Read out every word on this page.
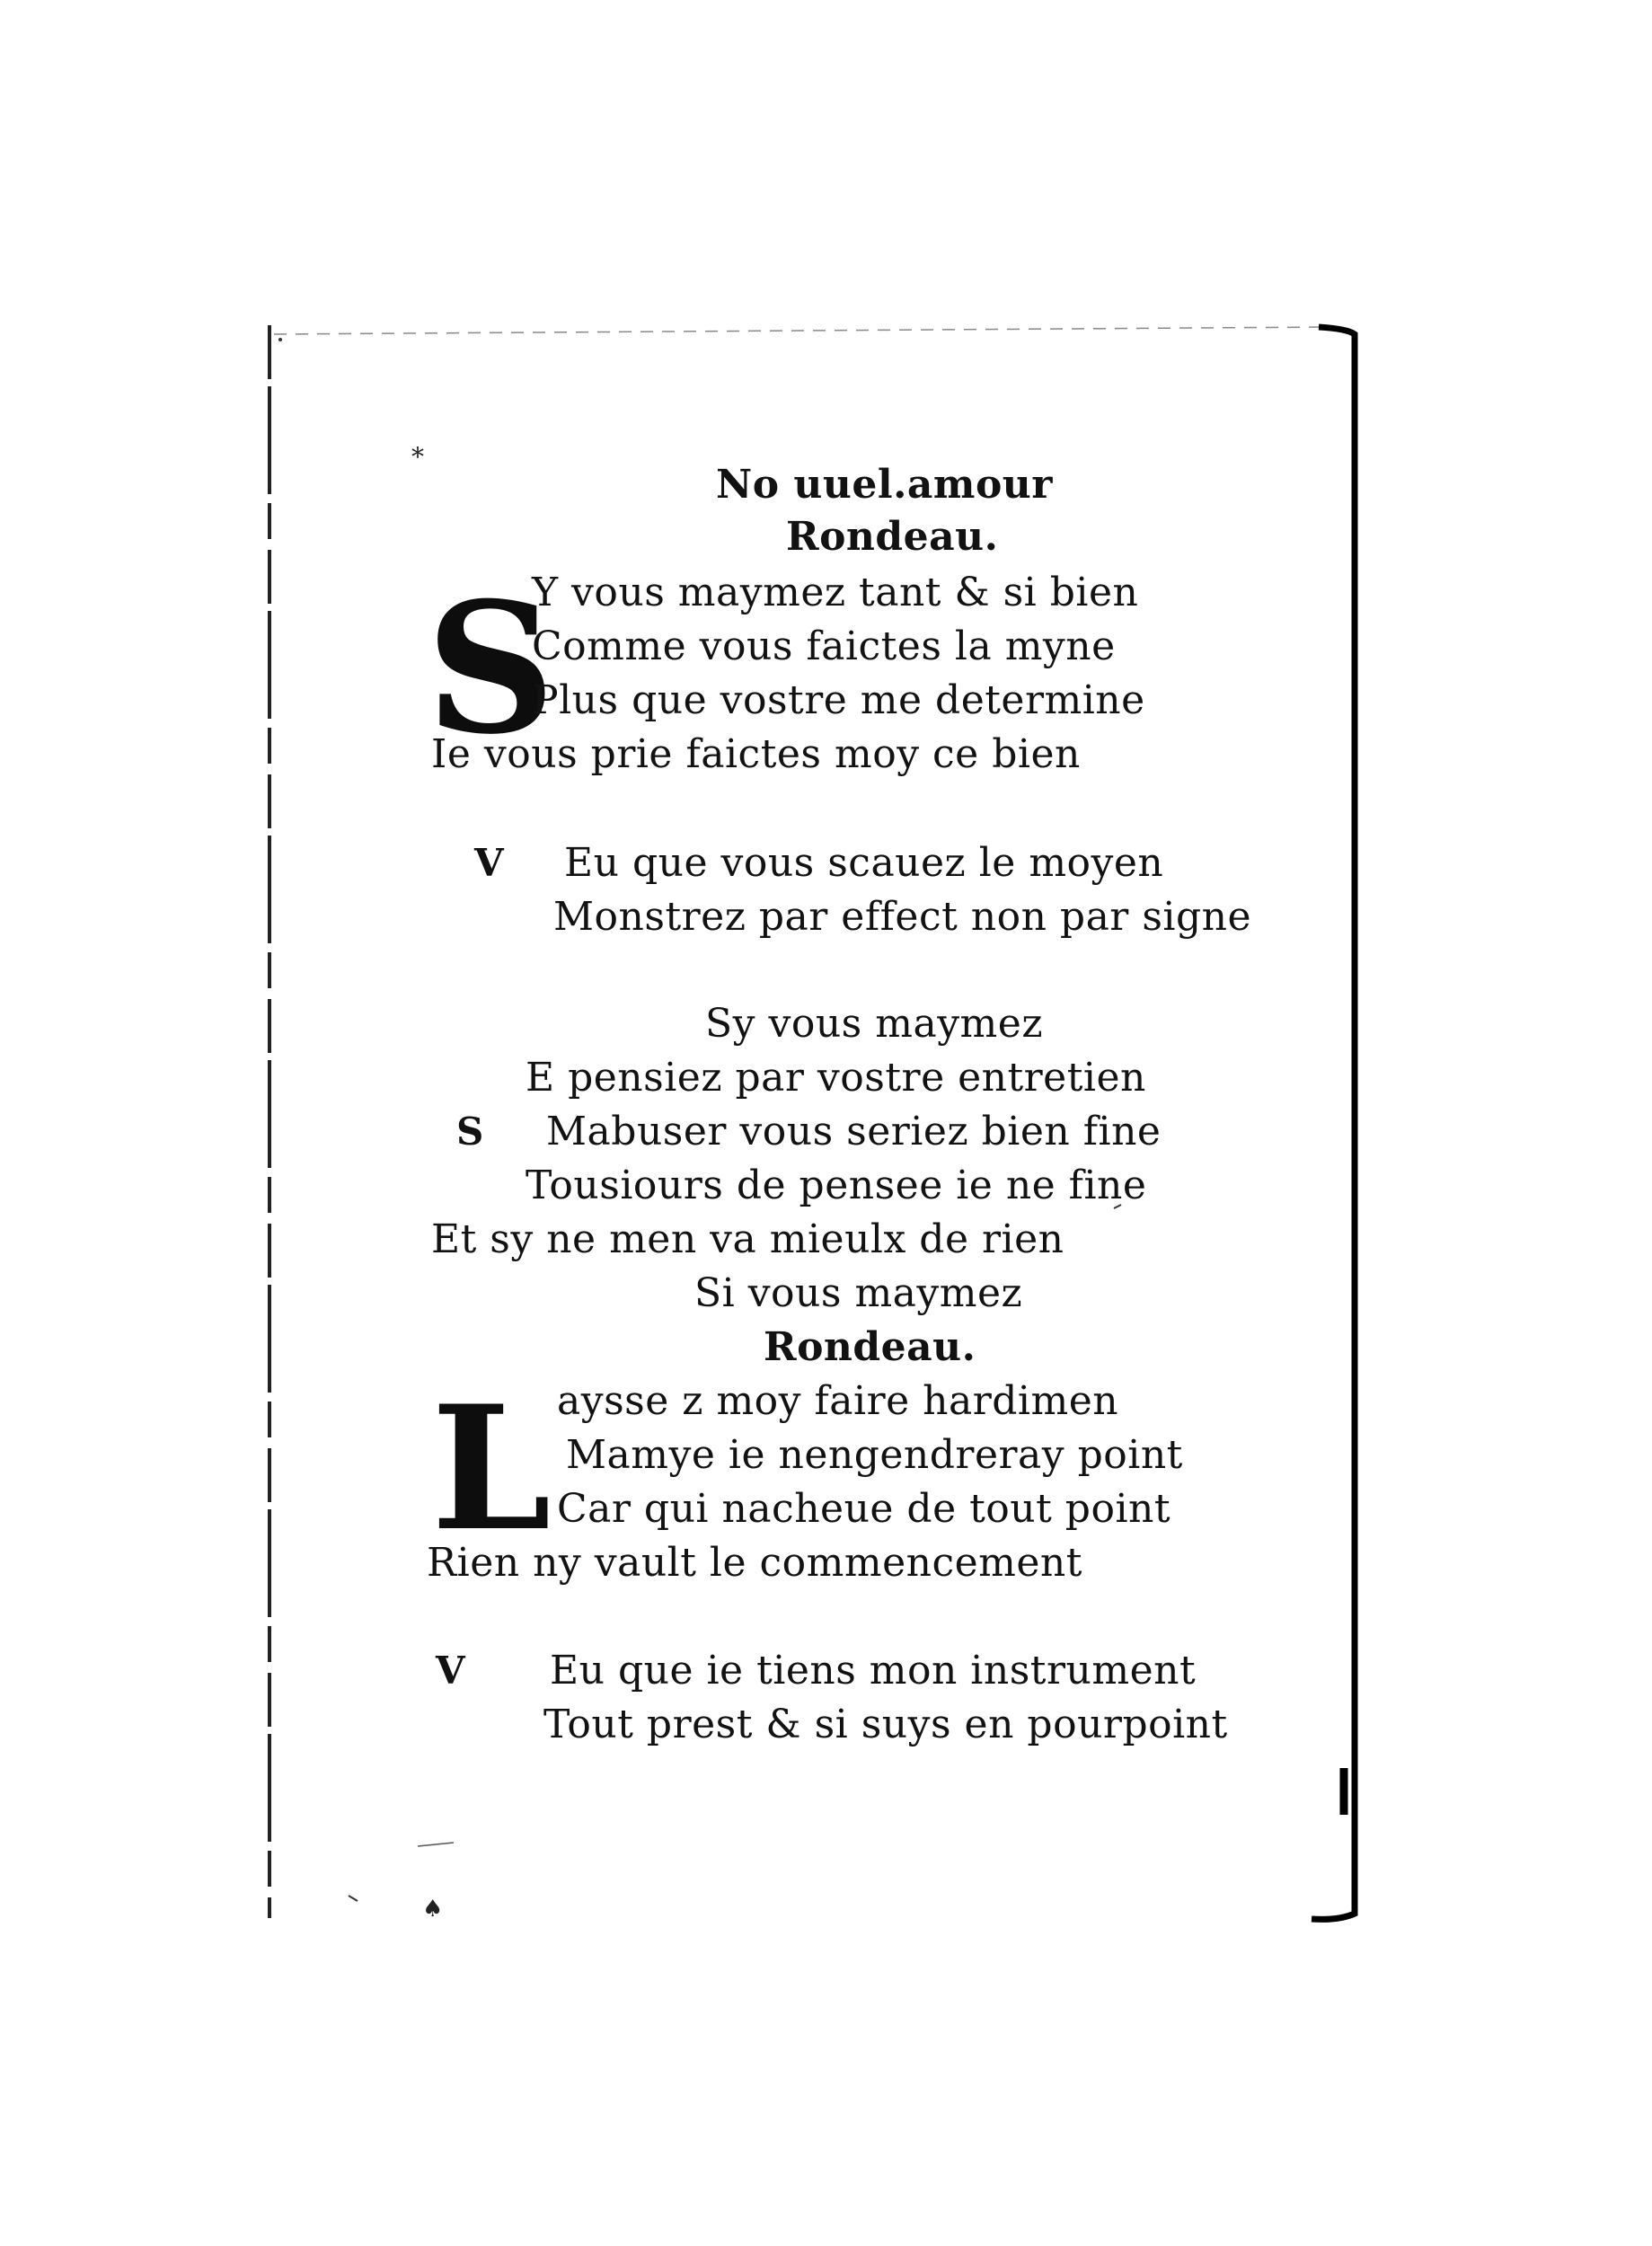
*
No uuel.amour
Rondeau.
S
Y vous maymez tant & si bien
Comme vous faictes la myne
Plus que vostre me determine
Ie vous prie faictes moy ce bien
V Eu que vous scauez le moyen
Monstrez par effect non par signe
Sy vous maymez
E pensiez par vostre entretien
S Mabuser vous seriez bien fine
Tousiours de pensee ie ne fine
Et sy ne men va mieulx de rien
Si vous maymez
Rondeau.
L aysse z moy faire hardimen
Mamye ie nengendreray point
Car qui nacheue de tout point
Rien ny vault le commencement
V Eu que ie tiens mon instrument
Tout prest & si suys en pourpoint
♠
